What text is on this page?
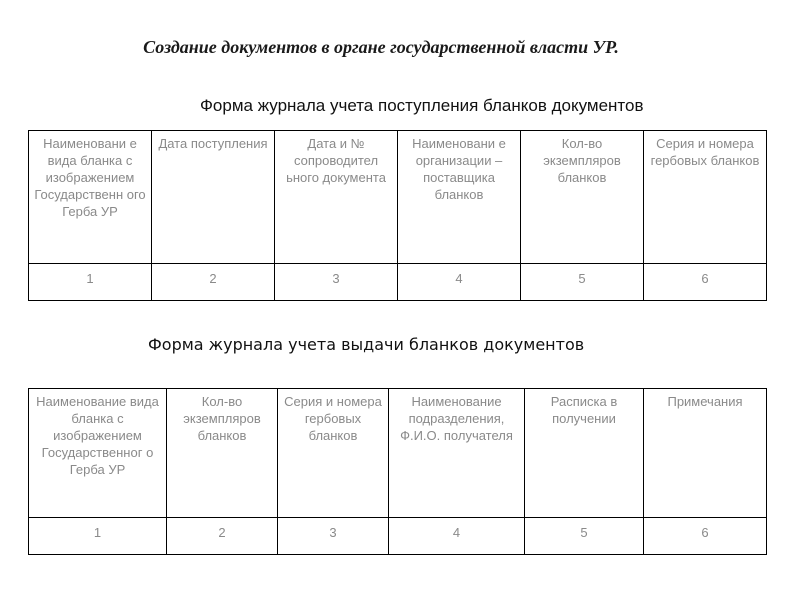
Создание документов в органе государственной власти УР.
Форма журнала учета поступления бланков документов
Наименовани е вида бланка с изображением Государственн ого Герба УР	Дата поступления	Дата и № сопроводител ьного документа	Наименовани е организации – поставщика бланков	Кол-во экземпляров бланков	Серия и номера гербовых бланков
1	2	3	4	5	6
Форма журнала учета выдачи бланков документов
Наименование вида бланка с изображением Государственног о Герба УР	Кол-во экземпляров бланков	Серия и номера гербовых бланков	Наименование подразделения, Ф.И.О. получателя	Расписка в получении	Примечания
1	2	3	4	5	6
